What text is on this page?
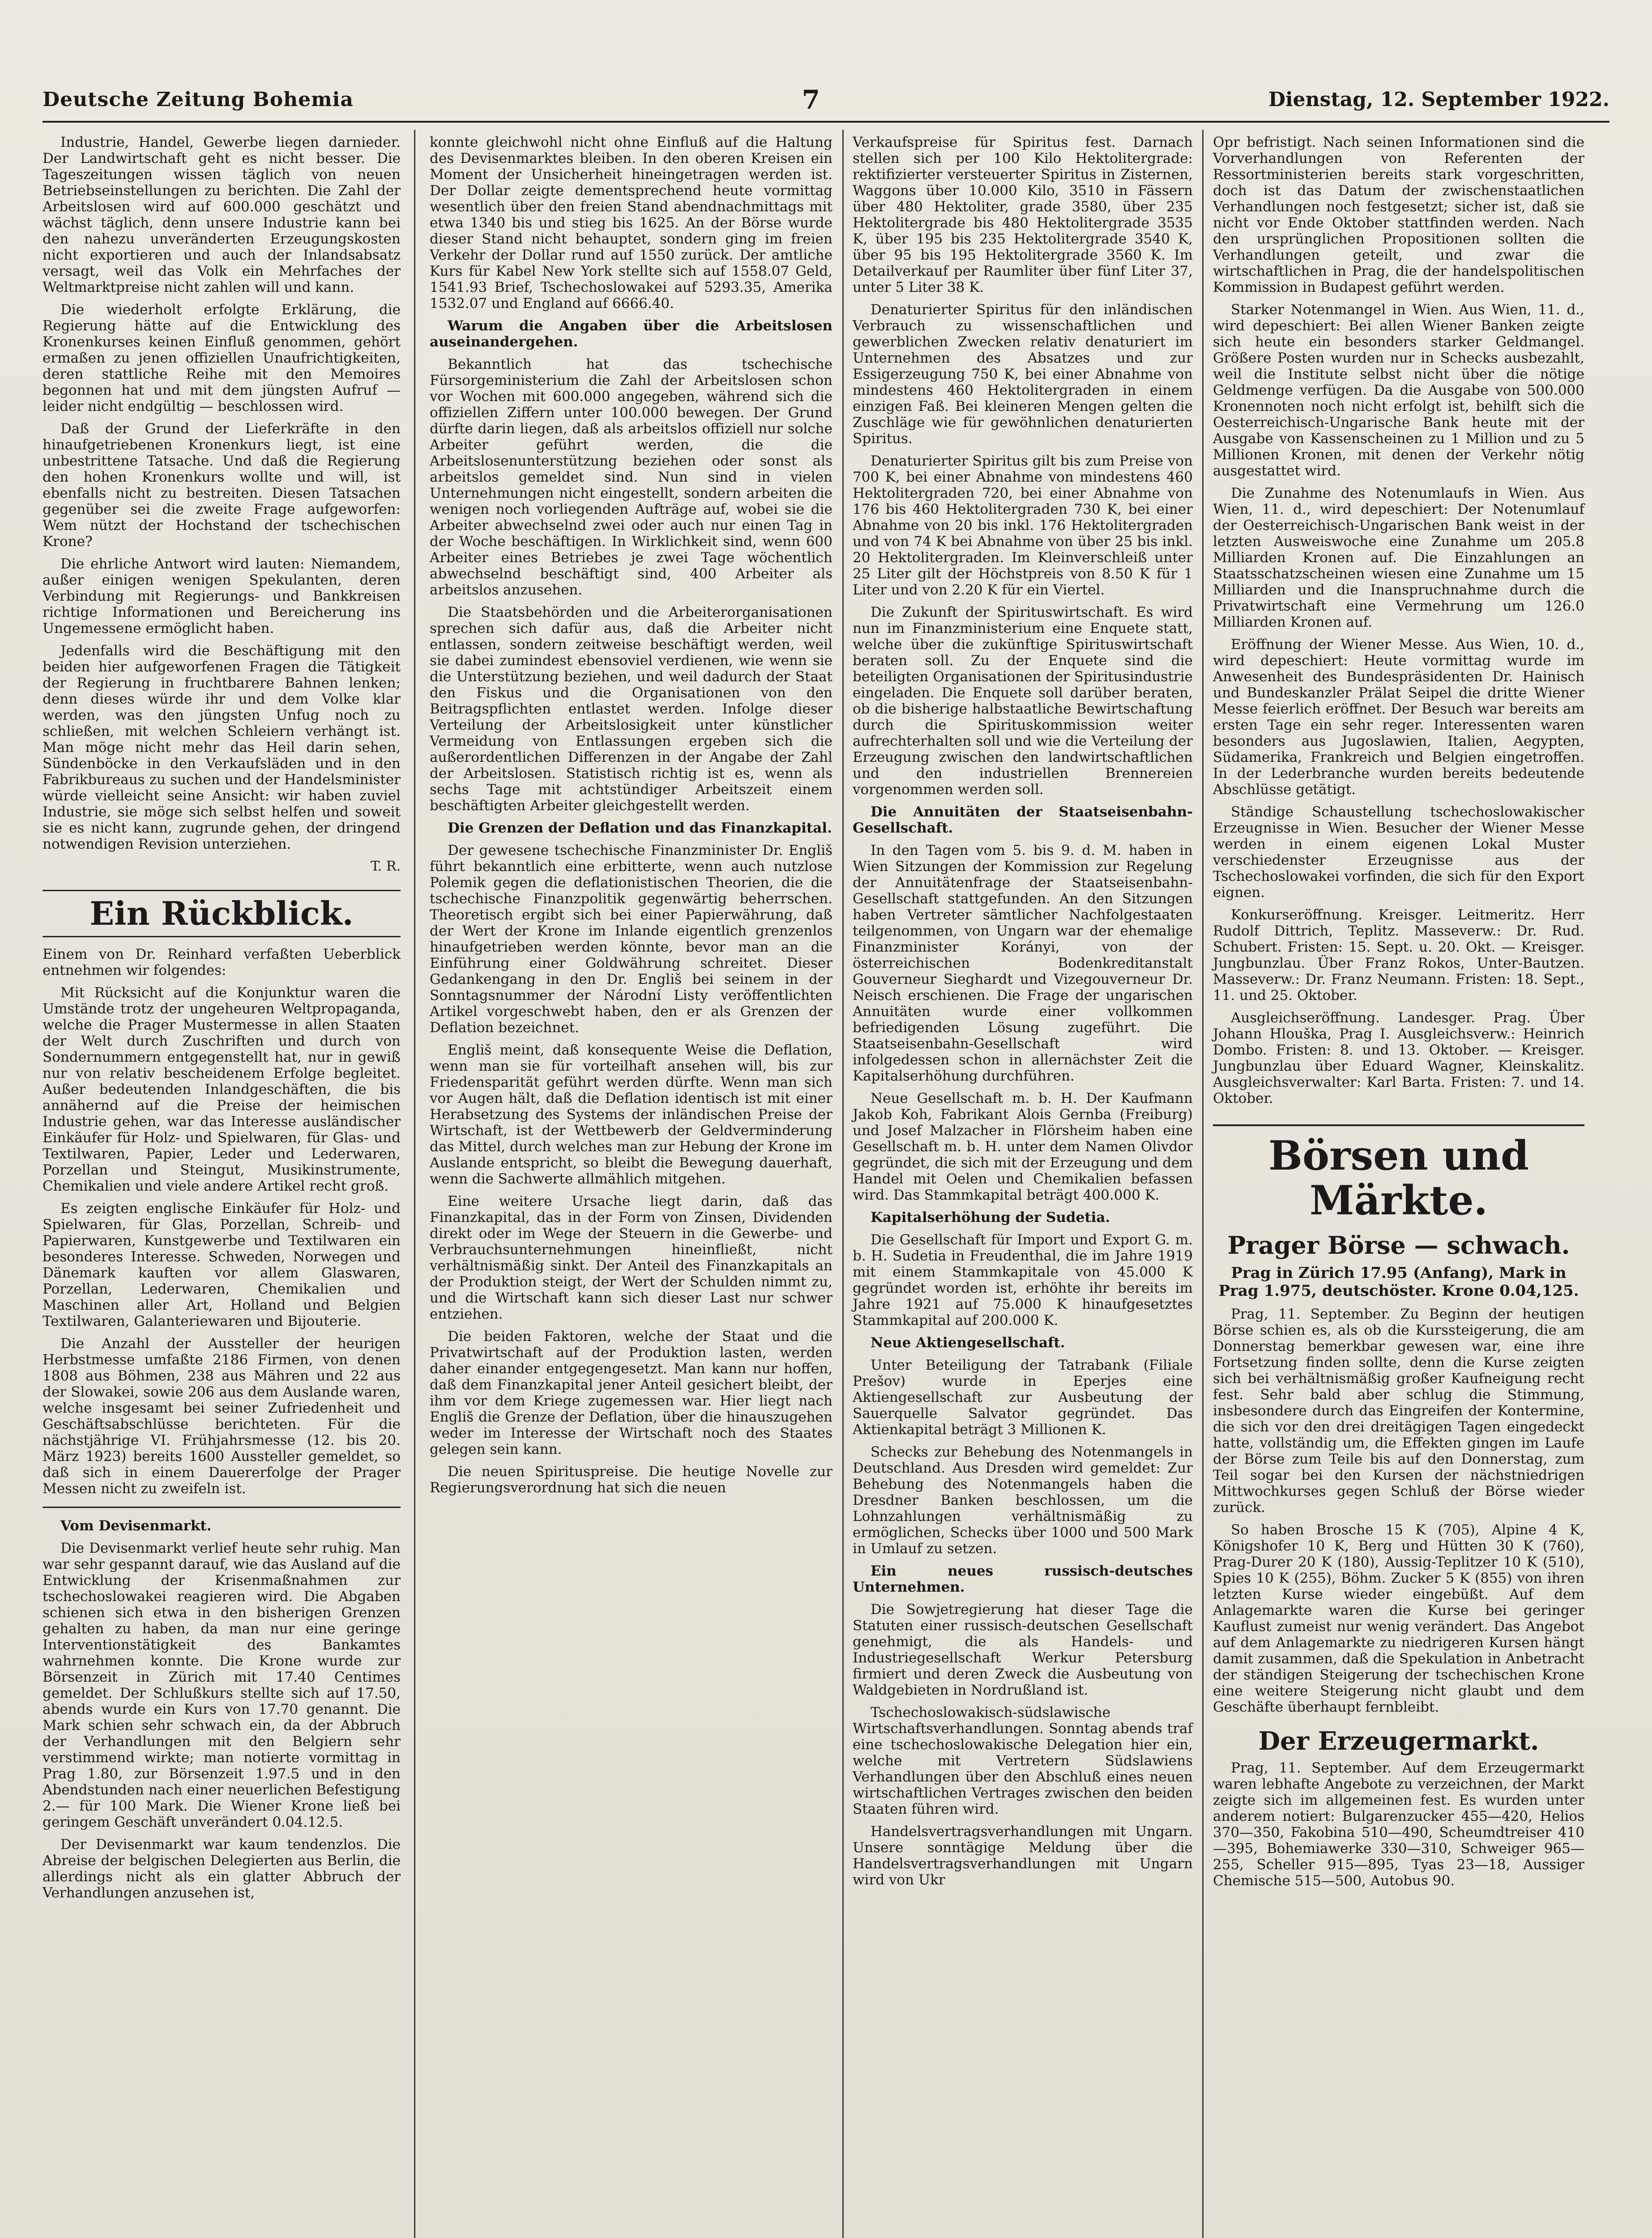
Deutsche Zeitung Bohemia	7	Dienstag, 12. September 1922.

Industrie, Handel, Gewerbe liegen darnieder. Der Landwirtschaft geht es nicht besser. Die Tageszeitungen wissen täglich von neuen Betriebseinstellungen zu berichten. Die Zahl der Arbeitslosen wird auf 600.000 geschätzt und wächst täglich, denn unsere Industrie kann bei den nahezu unveränderten Erzeugungskosten nicht exportieren und auch der Inlandsabsatz versagt, weil das Volk ein Mehrfaches der Weltmarktpreise nicht zahlen will und kann.

Die wiederholt erfolgte Erklärung, die Regierung hätte auf die Entwicklung des Kronenkurses keinen Einfluß genommen, gehört ermaßen zu jenen offiziellen Unaufrichtigkeiten, deren stattliche Reihe mit den Memoires begonnen hat und mit dem jüngsten Aufruf — leider nicht endgültig — beschlossen wird.

Daß der Grund der Lieferkräfte in den hinaufgetriebenen Kronenkurs liegt, ist eine unbestrittene Tatsache. Und daß die Regierung den hohen Kronenkurs wollte und will, ist ebenfalls nicht zu bestreiten. Diesen Tatsachen gegenüber sei die zweite Frage aufgeworfen: Wem nützt der Hochstand der tschechischen Krone?

Die ehrliche Antwort wird lauten: Niemandem, außer einigen wenigen Spekulanten, deren Verbindung mit Regierungs- und Bankkreisen richtige Informationen und Bereicherung ins Ungemessene ermöglicht haben.

Jedenfalls wird die Beschäftigung mit den beiden hier aufgeworfenen Fragen die Tätigkeit der Regierung in fruchtbarere Bahnen lenken; denn dieses würde ihr und dem Volke klar werden, was den jüngsten Unfug noch zu schließen, mit welchen Schleiern verhängt ist. Man möge nicht mehr das Heil darin sehen, Sündenböcke in den Verkaufsläden und in den Fabrikbureaus zu suchen und der Handelsminister würde vielleicht seine Ansicht: wir haben zuviel Industrie, sie möge sich selbst helfen und soweit sie es nicht kann, zugrunde gehen, der dringend notwendigen Revision unterziehen.

T. R.
Ein Rückblick.

Einem von Dr. Reinhard verfaßten Ueberblick entnehmen wir folgendes:

Mit Rücksicht auf die Konjunktur waren die Umstände trotz der ungeheuren Weltpropaganda, welche die Prager Mustermesse in allen Staaten der Welt durch Zuschriften und durch von Sondernummern entgegenstellt hat, nur in gewiß nur von relativ bescheidenem Erfolge begleitet. Außer bedeutenden Inlandgeschäften, die bis annähernd auf die Preise der heimischen Industrie gehen, war das Interesse ausländischer Einkäufer für Holz- und Spielwaren, für Glas- und Textilwaren, Papier, Leder und Lederwaren, Porzellan und Steingut, Musikinstrumente, Chemikalien und viele andere Artikel recht groß.

Es zeigten englische Einkäufer für Holz- und Spielwaren, für Glas, Porzellan, Schreib- und Papierwaren, Kunstgewerbe und Textilwaren ein besonderes Interesse. Schweden, Norwegen und Dänemark kauften vor allem Glaswaren, Porzellan, Lederwaren, Chemikalien und Maschinen aller Art, Holland und Belgien Textilwaren, Galanteriewaren und Bijouterie.

Die Anzahl der Aussteller der heurigen Herbstmesse umfaßte 2186 Firmen, von denen 1808 aus Böhmen, 238 aus Mähren und 22 aus der Slowakei, sowie 206 aus dem Auslande waren, welche insgesamt bei seiner Zufriedenheit und Geschäftsabschlüsse berichteten. Für die nächstjährige VI. Frühjahrsmesse (12. bis 20. März 1923) bereits 1600 Aussteller gemeldet, so daß sich in einem Dauererfolge der Prager Messen nicht zu zweifeln ist.

Vom Devisenmarkt.

Die Devisenmarkt verlief heute sehr ruhig. Man war sehr gespannt darauf, wie das Ausland auf die Entwicklung der Krisenmaßnahmen zur tschechoslowakei reagieren wird. Die Abgaben schienen sich etwa in den bisherigen Grenzen gehalten zu haben, da man nur eine geringe Interventionstätigkeit des Bankamtes wahrnehmen konnte. Die Krone wurde zur Börsenzeit in Zürich mit 17.40 Centimes gemeldet. Der Schlußkurs stellte sich auf 17.50, abends wurde ein Kurs von 17.70 genannt. Die Mark schien sehr schwach ein, da der Abbruch der Verhandlungen mit den Belgiern sehr verstimmend wirkte; man notierte vormittag in Prag 1.80, zur Börsenzeit 1.97.5 und in den Abendstunden nach einer neuerlichen Befestigung 2.— für 100 Mark. Die Wiener Krone ließ bei geringem Geschäft unverändert 0.04.12.5.

Der Devisenmarkt war kaum tendenzlos. Die Abreise der belgischen Delegierten aus Berlin, die allerdings nicht als ein glatter Abbruch der Verhandlungen anzusehen ist,

konnte gleichwohl nicht ohne Einfluß auf die Haltung des Devisenmarktes bleiben. In den oberen Kreisen ein Moment der Unsicherheit hineingetragen werden ist. Der Dollar zeigte dementsprechend heute vormittag wesentlich über den freien Stand abendnachmittags mit etwa 1340 bis und stieg bis 1625. An der Börse wurde dieser Stand nicht behauptet, sondern ging im freien Verkehr der Dollar rund auf 1550 zurück. Der amtliche Kurs für Kabel New York stellte sich auf 1558.07 Geld, 1541.93 Brief, Tschechoslowakei auf 5293.35, Amerika 1532.07 und England auf 6666.40.

Warum die Angaben über die Arbeitslosen auseinandergehen.

Bekanntlich hat das tschechische Fürsorgeministerium die Zahl der Arbeitslosen schon vor Wochen mit 600.000 angegeben, während sich die offiziellen Ziffern unter 100.000 bewegen. Der Grund dürfte darin liegen, daß als arbeitslos offiziell nur solche Arbeiter geführt werden, die die Arbeitslosenunterstützung beziehen oder sonst als arbeitslos gemeldet sind. Nun sind in vielen Unternehmungen nicht eingestellt, sondern arbeiten die wenigen noch vorliegenden Aufträge auf, wobei sie die Arbeiter abwechselnd zwei oder auch nur einen Tag in der Woche beschäftigen. In Wirklichkeit sind, wenn 600 Arbeiter eines Betriebes je zwei Tage wöchentlich abwechselnd beschäftigt sind, 400 Arbeiter als arbeitslos anzusehen.

Die Staatsbehörden und die Arbeiterorganisationen sprechen sich dafür aus, daß die Arbeiter nicht entlassen, sondern zeitweise beschäftigt werden, weil sie dabei zumindest ebensoviel verdienen, wie wenn sie die Unterstützung beziehen, und weil dadurch der Staat den Fiskus und die Organisationen von den Beitragspflichten entlastet werden. Infolge dieser Verteilung der Arbeitslosigkeit unter künstlicher Vermeidung von Entlassungen ergeben sich die außerordentlichen Differenzen in der Angabe der Zahl der Arbeitslosen. Statistisch richtig ist es, wenn als sechs Tage mit achtstündiger Arbeitszeit einem beschäftigten Arbeiter gleichgestellt werden.

Die Grenzen der Deflation und das Finanzkapital.

Der gewesene tschechische Finanzminister Dr. Engliš führt bekanntlich eine erbitterte, wenn auch nutzlose Polemik gegen die deflationistischen Theorien, die die tschechische Finanzpolitik gegenwärtig beherrschen. Theoretisch ergibt sich bei einer Papierwährung, daß der Wert der Krone im Inlande eigentlich grenzenlos hinaufgetrieben werden könnte, bevor man an die Einführung einer Goldwährung schreitet. Dieser Gedankengang in den Dr. Engliš bei seinem in der Sonntagsnummer der Národní Listy veröffentlichten Artikel vorgeschwebt haben, den er als Grenzen der Deflation bezeichnet.

Engliš meint, daß konsequente Weise die Deflation, wenn man sie für vorteilhaft ansehen will, bis zur Friedensparität geführt werden dürfte. Wenn man sich vor Augen hält, daß die Deflation identisch ist mit einer Herabsetzung des Systems der inländischen Preise der Wirtschaft, ist der Wettbewerb der Geldverminderung das Mittel, durch welches man zur Hebung der Krone im Auslande entspricht, so bleibt die Bewegung dauerhaft, wenn die Sachwerte allmählich mitgehen.

Eine weitere Ursache liegt darin, daß das Finanzkapital, das in der Form von Zinsen, Dividenden direkt oder im Wege der Steuern in die Gewerbe- und Verbrauchsunternehmungen hineinfließt, nicht verhältnismäßig sinkt. Der Anteil des Finanzkapitals an der Produktion steigt, der Wert der Schulden nimmt zu, und die Wirtschaft kann sich dieser Last nur schwer entziehen.

Die beiden Faktoren, welche der Staat und die Privatwirtschaft auf der Produktion lasten, werden daher einander entgegengesetzt. Man kann nur hoffen, daß dem Finanzkapital jener Anteil gesichert bleibt, der ihm vor dem Kriege zugemessen war. Hier liegt nach Engliš die Grenze der Deflation, über die hinauszugehen weder im Interesse der Wirtschaft noch des Staates gelegen sein kann.

Die neuen Spirituspreise. Die heutige Novelle zur Regierungsverordnung hat sich die neuen

Verkaufspreise für Spiritus fest. Darnach stellen sich per 100 Kilo Hektolitergrade: rektifizierter versteuerter Spiritus in Zisternen, Waggons über 10.000 Kilo, 3510 in Fässern über 480 Hektoliter, grade 3580, über 235 Hektolitergrade bis 480 Hektolitergrade 3535 K, über 195 bis 235 Hektolitergrade 3540 K, über 95 bis 195 Hektolitergrade 3560 K. Im Detailverkauf per Raumliter über fünf Liter 37, unter 5 Liter 38 K.

Denaturierter Spiritus für den inländischen Verbrauch zu wissenschaftlichen und gewerblichen Zwecken relativ denaturiert im Unternehmen des Absatzes und zur Essigerzeugung 750 K, bei einer Abnahme von mindestens 460 Hektolitergraden in einem einzigen Faß. Bei kleineren Mengen gelten die Zuschläge wie für gewöhnlichen denaturierten Spiritus.

Denaturierter Spiritus gilt bis zum Preise von 700 K, bei einer Abnahme von mindestens 460 Hektolitergraden 720, bei einer Abnahme von 176 bis 460 Hektolitergraden 730 K, bei einer Abnahme von 20 bis inkl. 176 Hektolitergraden und von 74 K bei Abnahme von über 25 bis inkl. 20 Hektolitergraden. Im Kleinverschleiß unter 25 Liter gilt der Höchstpreis von 8.50 K für 1 Liter und von 2.20 K für ein Viertel.

Die Zukunft der Spirituswirtschaft. Es wird nun im Finanzministerium eine Enquete statt, welche über die zukünftige Spirituswirtschaft beraten soll. Zu der Enquete sind die beteiligten Organisationen der Spiritusindustrie eingeladen. Die Enquete soll darüber beraten, ob die bisherige halbstaatliche Bewirtschaftung durch die Spirituskommission weiter aufrechterhalten soll und wie die Verteilung der Erzeugung zwischen den landwirtschaftlichen und den industriellen Brennereien vorgenommen werden soll.

Die Annuitäten der Staatseisenbahn-Gesellschaft.

In den Tagen vom 5. bis 9. d. M. haben in Wien Sitzungen der Kommission zur Regelung der Annuitätenfrage der Staatseisenbahn-Gesellschaft stattgefunden. An den Sitzungen haben Vertreter sämtlicher Nachfolgestaaten teilgenommen, von Ungarn war der ehemalige Finanzminister Korányi, von der österreichischen Bodenkreditanstalt Gouverneur Sieghardt und Vizegouverneur Dr. Neisch erschienen. Die Frage der ungarischen Annuitäten wurde einer vollkommen befriedigenden Lösung zugeführt. Die Staatseisenbahn-Gesellschaft wird infolgedessen schon in allernächster Zeit die Kapitalserhöhung durchführen.

Neue Gesellschaft m. b. H. Der Kaufmann Jakob Koh, Fabrikant Alois Gernba (Freiburg) und Josef Malzacher in Flörsheim haben eine Gesellschaft m. b. H. unter dem Namen Olivdor gegründet, die sich mit der Erzeugung und dem Handel mit Oelen und Chemikalien befassen wird. Das Stammkapital beträgt 400.000 K.

Kapitalserhöhung der Sudetia.

Die Gesellschaft für Import und Export G. m. b. H. Sudetia in Freudenthal, die im Jahre 1919 mit einem Stammkapitale von 45.000 K gegründet worden ist, erhöhte ihr bereits im Jahre 1921 auf 75.000 K hinaufgesetztes Stammkapital auf 200.000 K.

Neue Aktiengesellschaft.

Unter Beteiligung der Tatrabank (Filiale Prešov) wurde in Eperjes eine Aktiengesellschaft zur Ausbeutung der Sauerquelle Salvator gegründet. Das Aktienkapital beträgt 3 Millionen K.

Schecks zur Behebung des Notenmangels in Deutschland. Aus Dresden wird gemeldet: Zur Behebung des Notenmangels haben die Dresdner Banken beschlossen, um die Lohnzahlungen verhältnismäßig zu ermöglichen, Schecks über 1000 und 500 Mark in Umlauf zu setzen.

Ein neues russisch-deutsches Unternehmen.

Die Sowjetregierung hat dieser Tage die Statuten einer russisch-deutschen Gesellschaft genehmigt, die als Handels- und Industriegesellschaft Werkur Petersburg firmiert und deren Zweck die Ausbeutung von Waldgebieten in Nordrußland ist.

Tschechoslowakisch-südslawische Wirtschaftsverhandlungen. Sonntag abends traf eine tschechoslowakische Delegation hier ein, welche mit Vertretern Südslawiens Verhandlungen über den Abschluß eines neuen wirtschaftlichen Vertrages zwischen den beiden Staaten führen wird.

Handelsvertragsverhandlungen mit Ungarn. Unsere sonntägige Meldung über die Handelsvertragsverhandlungen mit Ungarn wird von Ukr

Opr befristigt. Nach seinen Informationen sind die Vorverhandlungen von Referenten der Ressortministerien bereits stark vorgeschritten, doch ist das Datum der zwischenstaatlichen Verhandlungen noch festgesetzt; sicher ist, daß sie nicht vor Ende Oktober stattfinden werden. Nach den ursprünglichen Propositionen sollten die Verhandlungen geteilt, und zwar die wirtschaftlichen in Prag, die der handelspolitischen Kommission in Budapest geführt werden.

Starker Notenmangel in Wien. Aus Wien, 11. d., wird depeschiert: Bei allen Wiener Banken zeigte sich heute ein besonders starker Geldmangel. Größere Posten wurden nur in Schecks ausbezahlt, weil die Institute selbst nicht über die nötige Geldmenge verfügen. Da die Ausgabe von 500.000 Kronennoten noch nicht erfolgt ist, behilft sich die Oesterreichisch-Ungarische Bank heute mit der Ausgabe von Kassenscheinen zu 1 Million und zu 5 Millionen Kronen, mit denen der Verkehr nötig ausgestattet wird.

Die Zunahme des Notenumlaufs in Wien. Aus Wien, 11. d., wird depeschiert: Der Notenumlauf der Oesterreichisch-Ungarischen Bank weist in der letzten Ausweiswoche eine Zunahme um 205.8 Milliarden Kronen auf. Die Einzahlungen an Staatsschatzscheinen wiesen eine Zunahme um 15 Milliarden und die Inanspruchnahme durch die Privatwirtschaft eine Vermehrung um 126.0 Milliarden Kronen auf.

Eröffnung der Wiener Messe. Aus Wien, 10. d., wird depeschiert: Heute vormittag wurde im Anwesenheit des Bundespräsidenten Dr. Hainisch und Bundeskanzler Prälat Seipel die dritte Wiener Messe feierlich eröffnet. Der Besuch war bereits am ersten Tage ein sehr reger. Interessenten waren besonders aus Jugoslawien, Italien, Aegypten, Südamerika, Frankreich und Belgien eingetroffen. In der Lederbranche wurden bereits bedeutende Abschlüsse getätigt.

Ständige Schaustellung tschechoslowakischer Erzeugnisse in Wien. Besucher der Wiener Messe werden in einem eigenen Lokal Muster verschiedenster Erzeugnisse aus der Tschechoslowakei vorfinden, die sich für den Export eignen.

Konkurseröffnung. Kreisger. Leitmeritz. Herr Rudolf Dittrich, Teplitz. Masseverw.: Dr. Rud. Schubert. Fristen: 15. Sept. u. 20. Okt. — Kreisger. Jungbunzlau. Über Franz Rokos, Unter-Bautzen. Masseverw.: Dr. Franz Neumann. Fristen: 18. Sept., 11. und 25. Oktober.

Ausgleichseröffnung. Landesger. Prag. Über Johann Hlouška, Prag I. Ausgleichsverw.: Heinrich Dombo. Fristen: 8. und 13. Oktober. — Kreisger. Jungbunzlau über Eduard Wagner, Kleinskalitz. Ausgleichsverwalter: Karl Barta. Fristen: 7. und 14. Oktober.

Börsen und Märkte.
Prager Börse — schwach.
Prag in Zürich 17.95 (Anfang), Mark in Prag 1.975, deutschöster. Krone 0.04,125.

Prag, 11. September. Zu Beginn der heutigen Börse schien es, als ob die Kurssteigerung, die am Donnerstag bemerkbar gewesen war, eine ihre Fortsetzung finden sollte, denn die Kurse zeigten sich bei verhältnismäßig großer Kaufneigung recht fest. Sehr bald aber schlug die Stimmung, insbesondere durch das Eingreifen der Kontermine, die sich vor den drei dreitägigen Tagen eingedeckt hatte, vollständig um, die Effekten gingen im Laufe der Börse zum Teile bis auf den Donnerstag, zum Teil sogar bei den Kursen der nächstniedrigen Mittwochkurses gegen Schluß der Börse wieder zurück.

So haben Brosche 15 K (705), Alpine 4 K, Königshofer 10 K, Berg und Hütten 30 K (760), Prag-Durer 20 K (180), Aussig-Teplitzer 10 K (510), Spies 10 K (255), Böhm. Zucker 5 K (855) von ihren letzten Kurse wieder eingebüßt. Auf dem Anlagemarkte waren die Kurse bei geringer Kauflust zumeist nur wenig verändert. Das Angebot auf dem Anlagemarkte zu niedrigeren Kursen hängt damit zusammen, daß die Spekulation in Anbetracht der ständigen Steigerung der tschechischen Krone eine weitere Steigerung nicht glaubt und dem Geschäfte überhaupt fernbleibt.

Der Erzeugermarkt.

Prag, 11. September. Auf dem Erzeugermarkt waren lebhafte Angebote zu verzeichnen, der Markt zeigte sich im allgemeinen fest. Es wurden unter anderem notiert: Bulgarenzucker 455—420, Helios 370—350, Fakobina 510—490, Scheumdtreiser 410—395, Bohemiawerke 330—310, Schweiger 965—255, Scheller 915—895, Tyas 23—18, Aussiger Chemische 515—500, Autobus 90.
